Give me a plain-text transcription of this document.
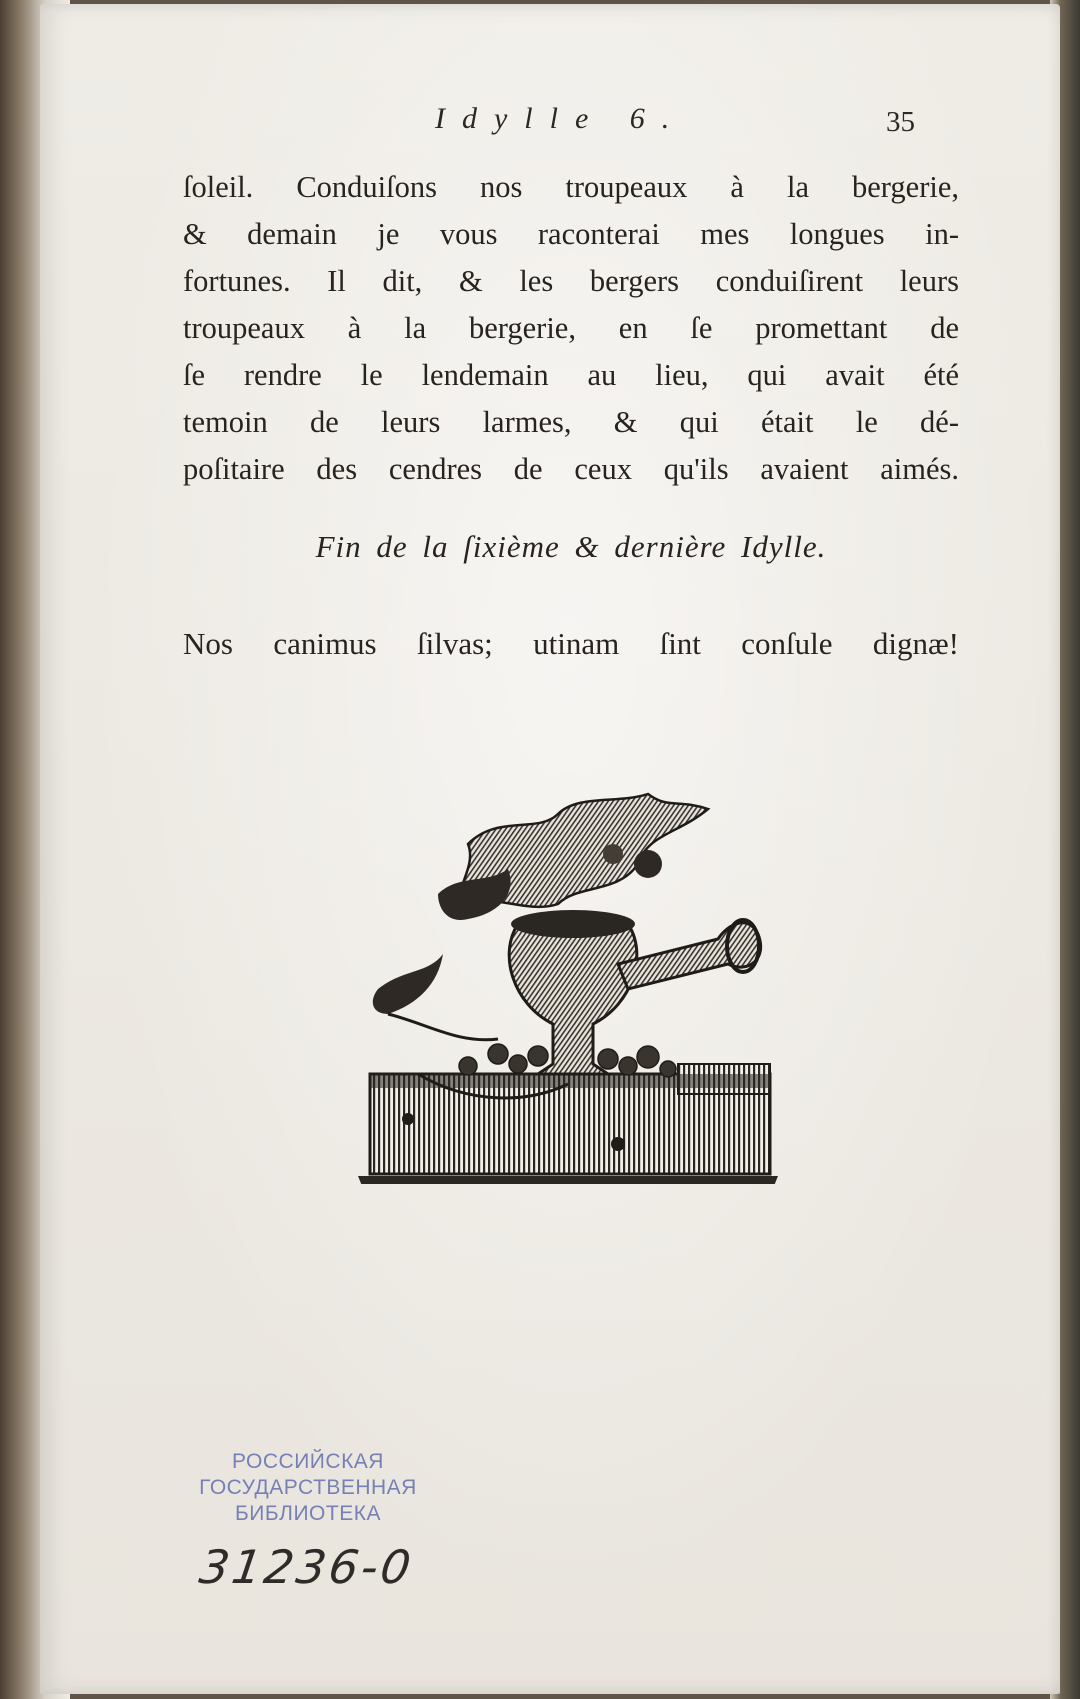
Idylle 6.	35
ſoleil. Conduiſons nos troupeaux à la bergerie,
& demain je vous raconterai mes longues in-
fortunes. Il dit, & les bergers conduiſirent leurs
troupeaux à la bergerie, en ſe promettant de
ſe rendre le lendemain au lieu, qui avait été
temoin de leurs larmes, & qui était le dé-
poſitaire des cendres de ceux qu'ils avaient aimés.
Fin de la ſixième & dernière Idylle.
Nos canimus ſilvas; utinam ſint conſule dignæ!
РОССИЙСКАЯ
ГОСУДАРСТВЕННАЯ
БИБЛИОТЕКА
31236-0
